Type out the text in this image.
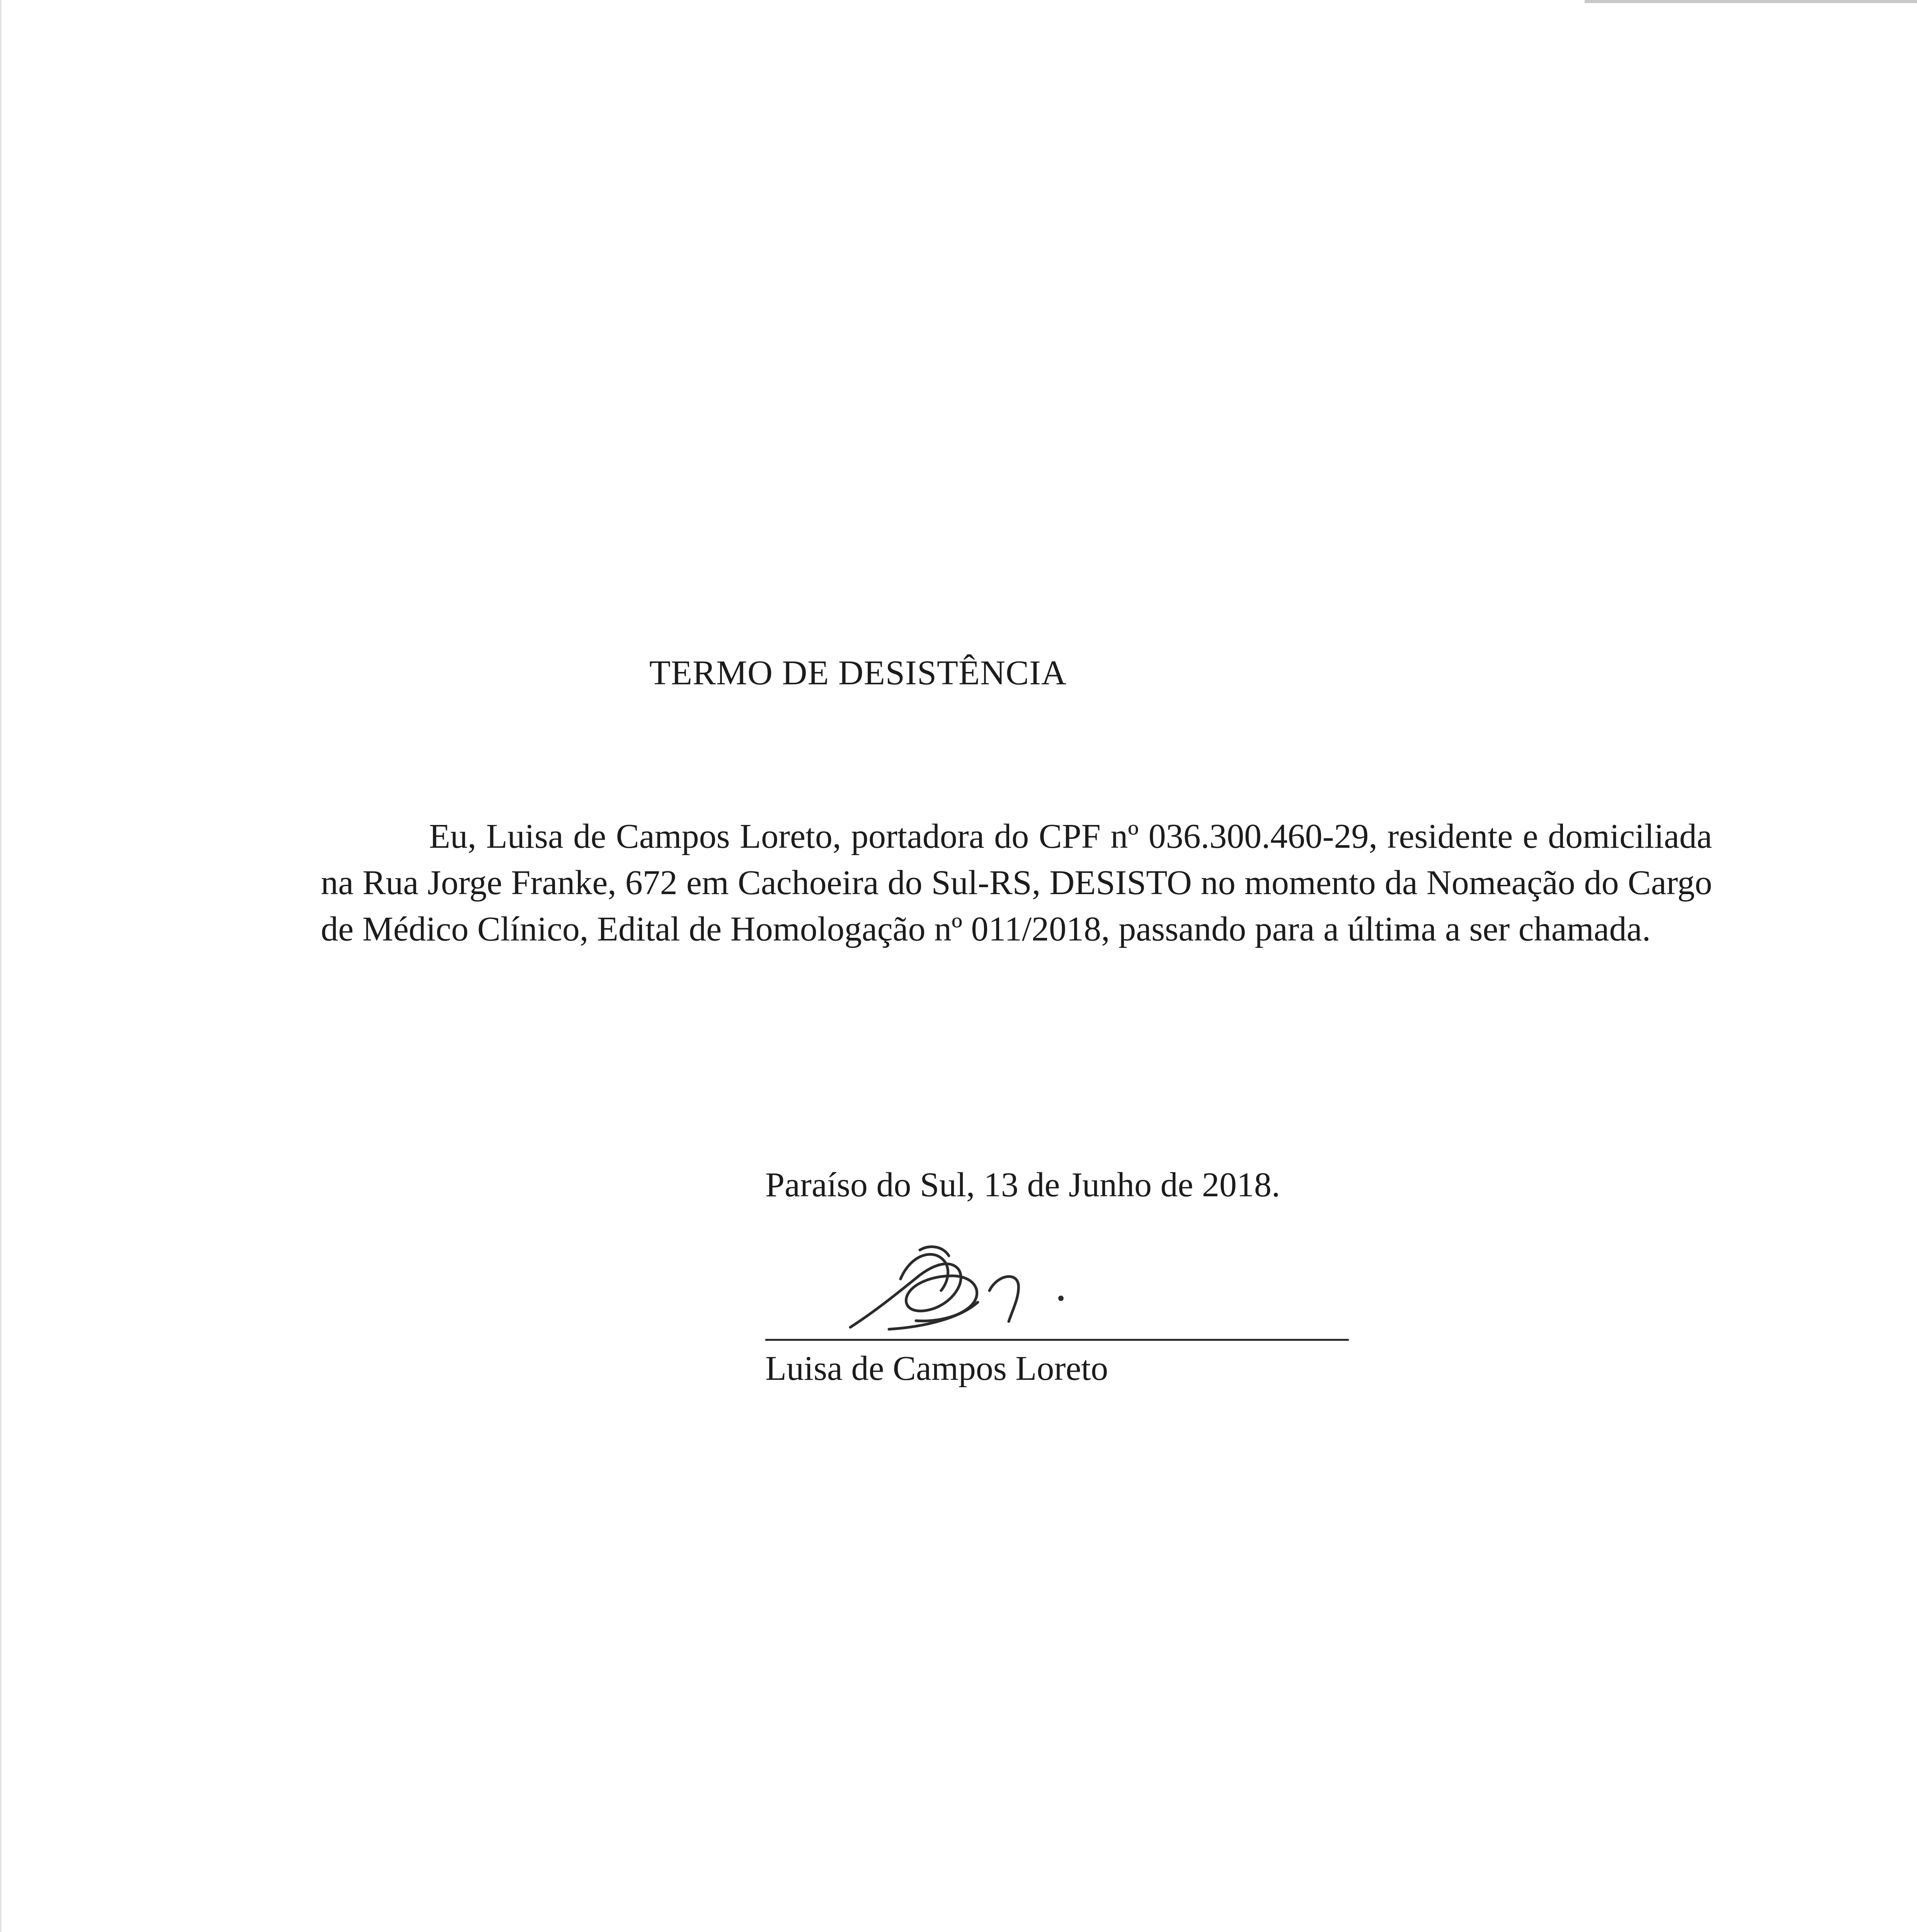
TERMO DE DESISTÊNCIA
Eu, Luisa de Campos Loreto, portadora do CPF nº 036.300.460-29, residente e domiciliada na Rua Jorge Franke, 672 em Cachoeira do Sul-RS, DESISTO no momento da Nomeação do Cargo de Médico Clínico, Edital de Homologação nº 011/2018, passando para a última a ser chamada.
Paraíso do Sul, 13 de Junho de 2018.
Luisa de Campos Loreto
